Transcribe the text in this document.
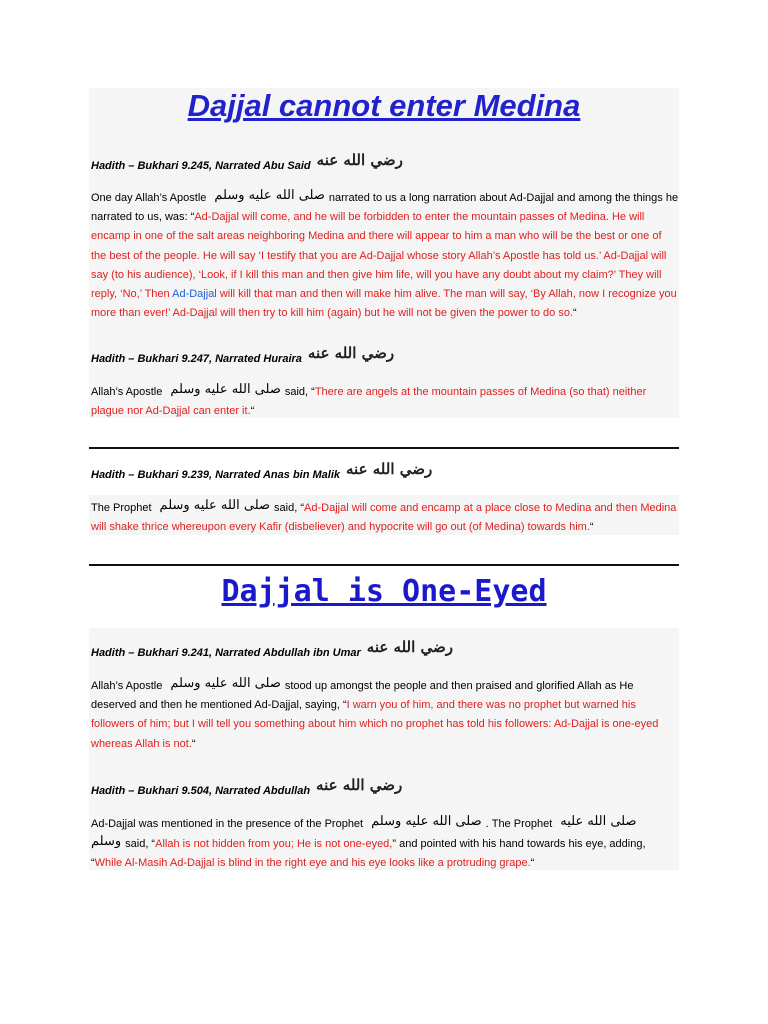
Dajjal cannot enter Medina
Hadith – Bukhari 9.245, Narrated Abu Said رضي الله عنه
One day Allah’s Apostle صلى الله عليه وسلم narrated to us a long narration about Ad-Dajjal and among the things he narrated to us, was: “Ad-Dajjal will come, and he will be forbidden to enter the mountain passes of Medina. He will encamp in one of the salt areas neighboring Medina and there will appear to him a man who will be the best or one of the best of the people. He will say ‘I testify that you are Ad-Dajjal whose story Allah’s Apostle has told us.’ Ad-Dajjal will say (to his audience), ‘Look, if I kill this man and then give him life, will you have any doubt about my claim?’ They will reply, ‘No,’ Then Ad-Dajjal will kill that man and then will make him alive. The man will say, ‘By Allah, now I recognize you more than ever!’ Ad-Dajjal will then try to kill him (again) but he will not be given the power to do so.“
Hadith – Bukhari 9.247, Narrated Huraira رضي الله عنه
Allah’s Apostle صلى الله عليه وسلم said, “There are angels at the mountain passes of Medina (so that) neither plague nor Ad-Dajjal can enter it.“
Hadith – Bukhari 9.239, Narrated Anas bin Malik رضي الله عنه
The Prophet صلى الله عليه وسلم said, “Ad-Dajjal will come and encamp at a place close to Medina and then Medina will shake thrice whereupon every Kafir (disbeliever) and hypocrite will go out (of Medina) towards him.“
Dajjal is One-Eyed
Hadith – Bukhari 9.241, Narrated Abdullah ibn Umar رضي الله عنه
Allah’s Apostle صلى الله عليه وسلم stood up amongst the people and then praised and glorified Allah as He deserved and then he mentioned Ad-Dajjal, saying, “I warn you of him, and there was no prophet but warned his followers of him; but I will tell you something about him which no prophet has told his followers: Ad-Dajjal is one-eyed whereas Allah is not.“
Hadith – Bukhari 9.504, Narrated Abdullah رضي الله عنه
Ad-Dajjal was mentioned in the presence of the Prophet صلى الله عليه وسلم . The Prophet صلى الله عليه وسلم said, “Allah is not hidden from you; He is not one-eyed,” and pointed with his hand towards his eye, adding, “While Al-Masih Ad-Dajjal is blind in the right eye and his eye looks like a protruding grape.“
